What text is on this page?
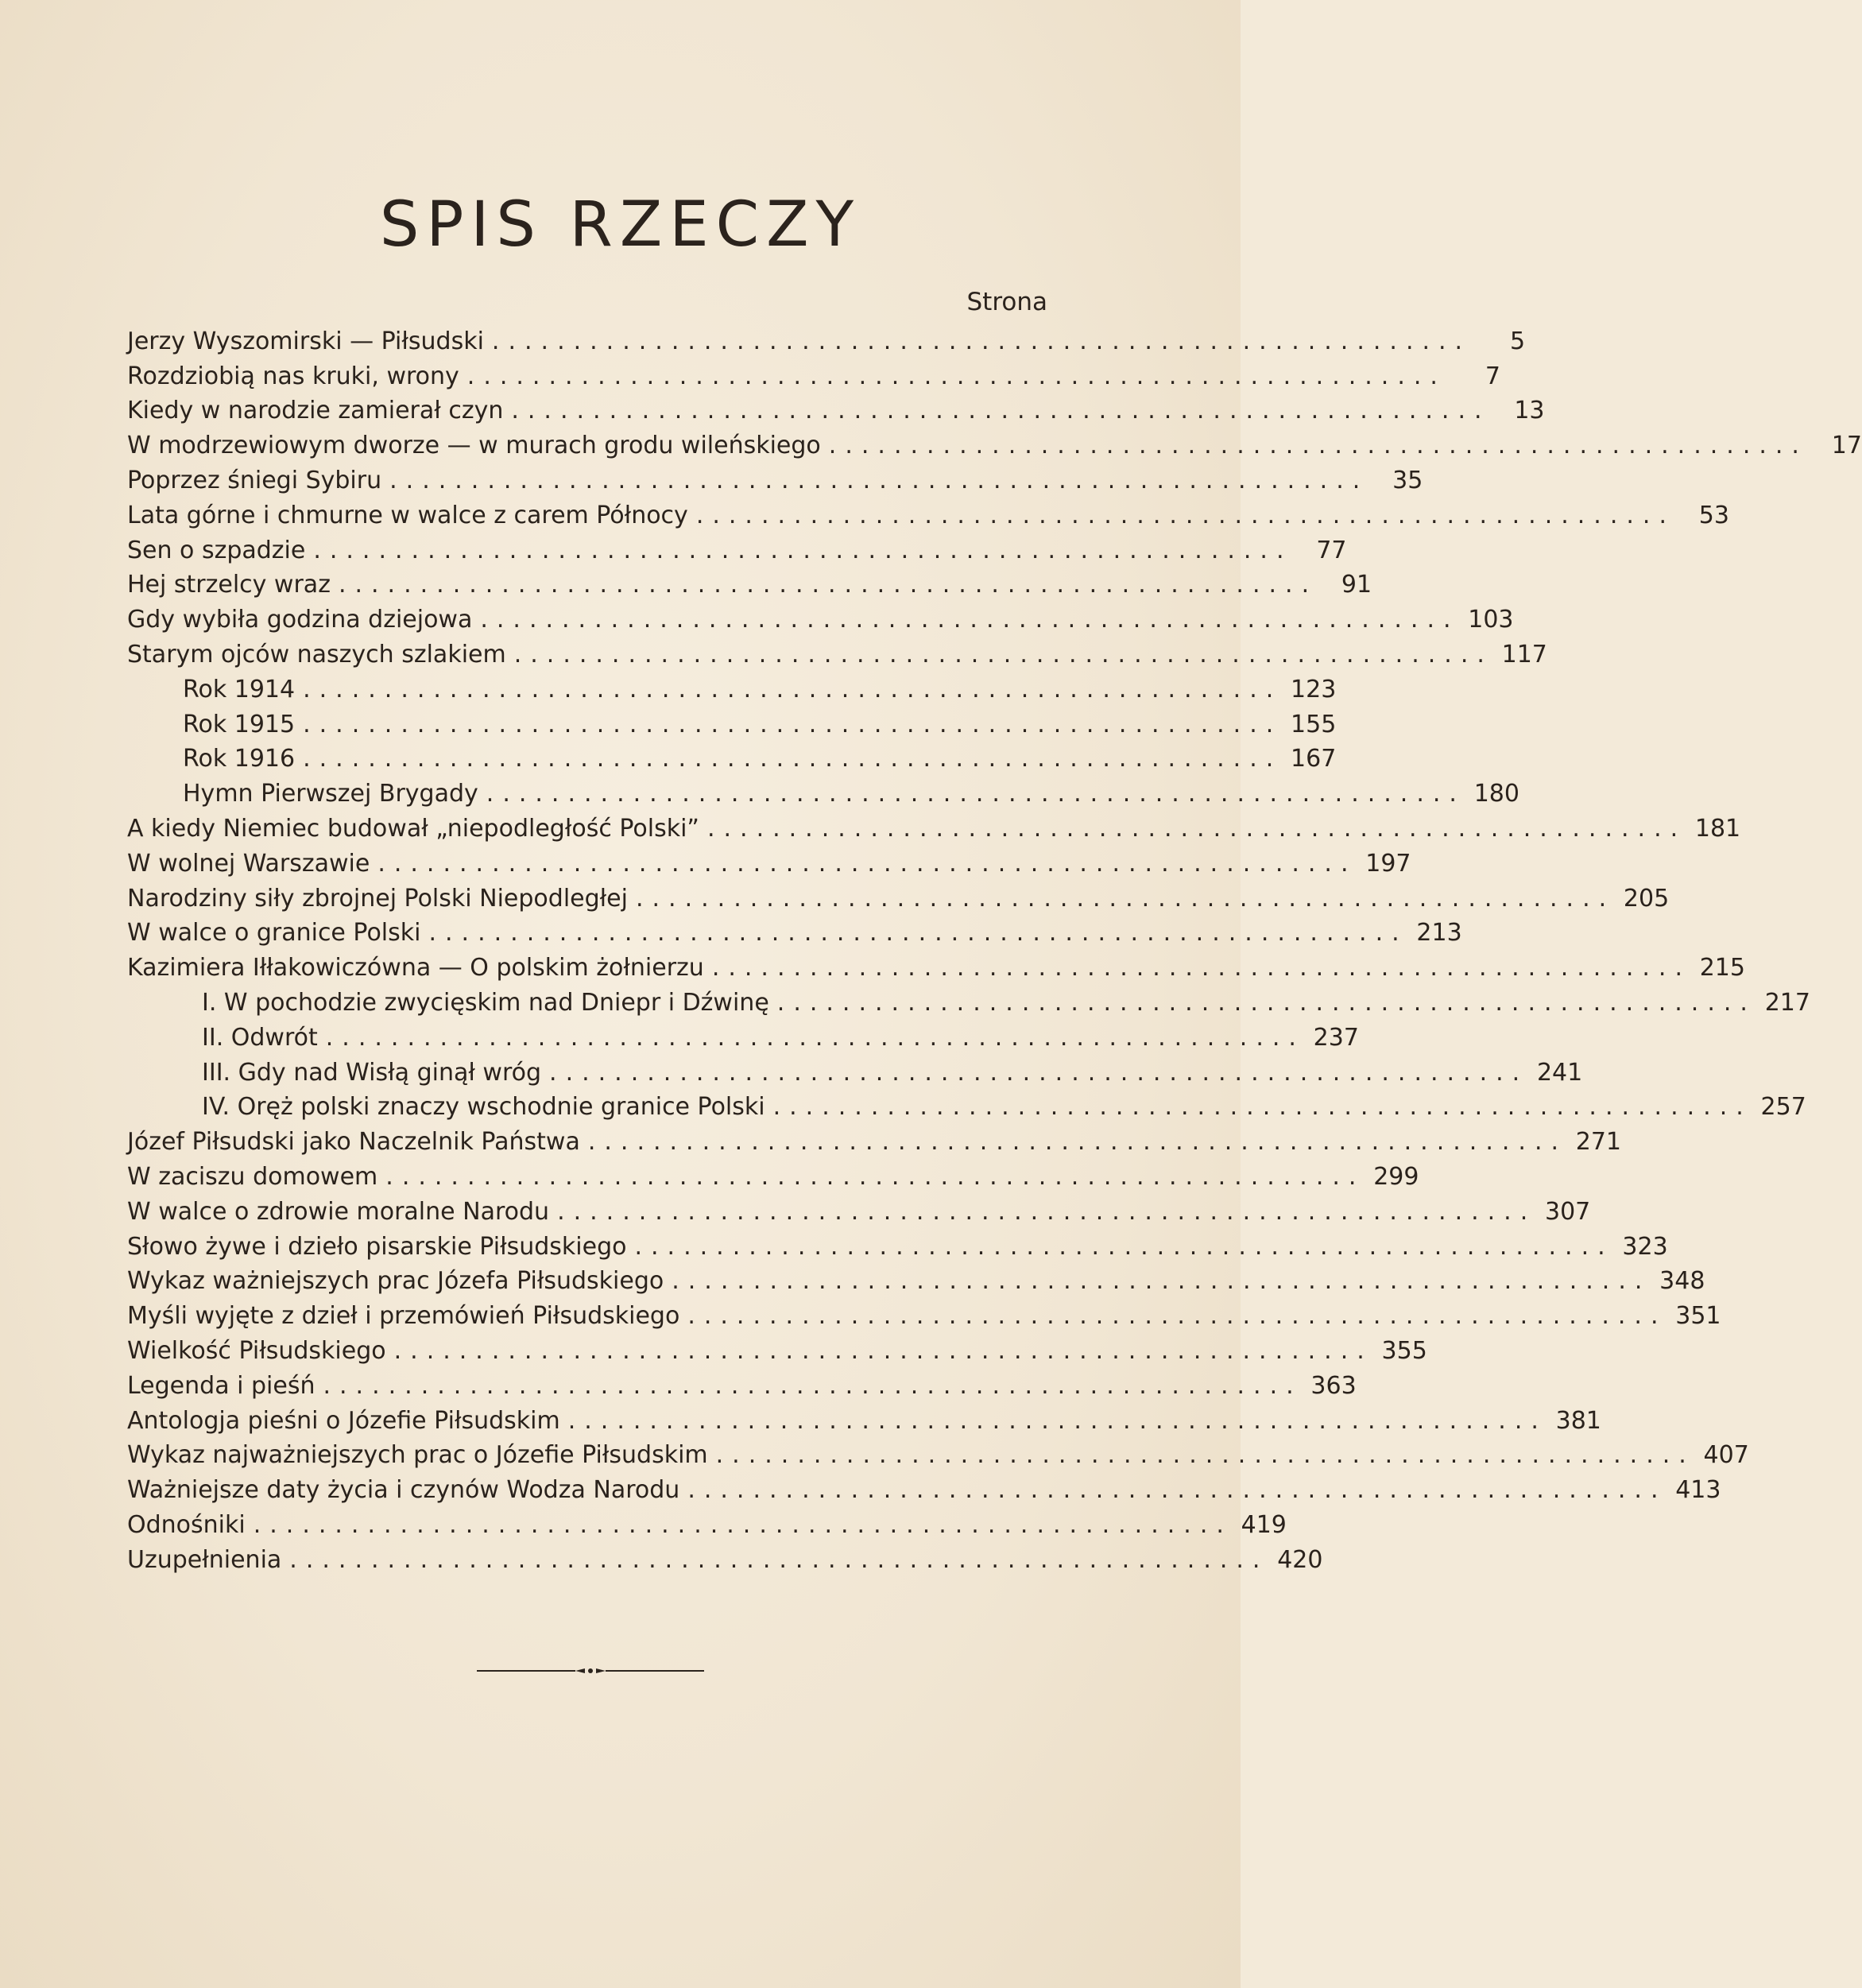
SPIS RZECZY
Strona
Jerzy Wyszomirski — Piłsudski ............................................................	5
Rozdziobią nas kruki, wrony ............................................................	7
Kiedy w narodzie zamierał czyn ............................................................ 13
W modrzewiowym dworze — w murach grodu wileńskiego ............................................................ 17
Poprzez śniegi Sybiru ............................................................ 35
Lata górne i chmurne w walce z carem Północy ............................................................ 53
Sen o szpadzie ............................................................ 77
Hej strzelcy wraz ............................................................ 91
Gdy wybiła godzina dziejowa ............................................................ 103
Starym ojców naszych szlakiem ............................................................ 117
Rok 1914 ............................................................ 123
Rok 1915 ............................................................ 155
Rok 1916 ............................................................ 167
Hymn Pierwszej Brygady ............................................................ 180
A kiedy Niemiec budował „niepodległość Polski” ............................................................ 181
W wolnej Warszawie ............................................................ 197
Narodziny siły zbrojnej Polski Niepodległej ............................................................ 205
W walce o granice Polski ............................................................ 213
Kazimiera Iłłakowiczówna — O polskim żołnierzu ............................................................ 215
I. W pochodzie zwycięskim nad Dniepr i Dźwinę ............................................................ 217
II. Odwrót ............................................................ 237
III. Gdy nad Wisłą ginął wróg ............................................................ 241
IV. Oręż polski znaczy wschodnie granice Polski ............................................................ 257
Józef Piłsudski jako Naczelnik Państwa ............................................................ 271
W zaciszu domowem ............................................................ 299
W walce o zdrowie moralne Narodu ............................................................ 307
Słowo żywe i dzieło pisarskie Piłsudskiego ............................................................ 323
Wykaz ważniejszych prac Józefa Piłsudskiego ............................................................ 348
Myśli wyjęte z dzieł i przemówień Piłsudskiego ............................................................ 351
Wielkość Piłsudskiego ............................................................ 355
Legenda i pieśń ............................................................ 363
Antologja pieśni o Józefie Piłsudskim ............................................................ 381
Wykaz najważniejszych prac o Józefie Piłsudskim ............................................................ 407
Ważniejsze daty życia i czynów Wodza Narodu ............................................................ 413
Odnośniki ............................................................ 419
Uzupełnienia ............................................................ 420
